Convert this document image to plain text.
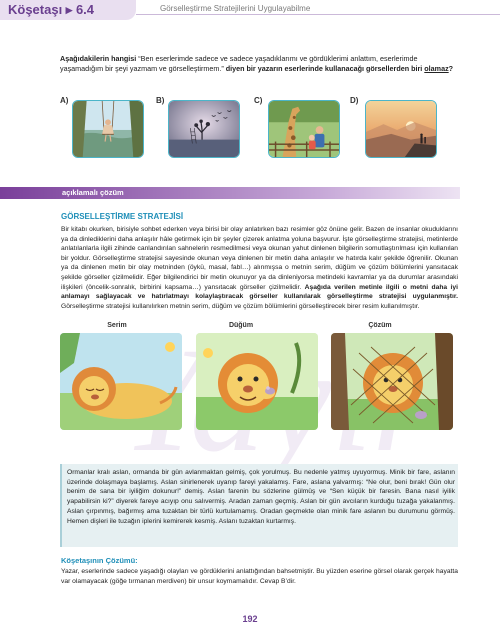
Köşetaşı ▸ 6.4	Görselleştirme Stratejilerini Uygulayabilme
Aşağıdakilerin hangisi “Ben eserlerimde sadece ve sadece yaşadıklarımı ve gördüklerimi anlattım, eserlerimde yaşamadığım bir şeyi yazmam ve görselleştirmem.” diyen bir yazarın eserlerinde kullanacağı görsellerden biri olamaz?
A)	B)	C)	D)
açıklamalı çözüm
GÖRSELLEŞTİRME STRATEJİSİ
Bir kitabı okurken, birisiyle sohbet ederken veya birisi bir olay anlatırken bazı resimler göz önüne gelir. Bazen de insanlar okuduklarını ya da dinlediklerini daha anlaşılır hâle getirmek için bir şeyler çizerek anlatma yoluna başvurur. İşte görselleştirme stratejisi, metinlerde anlatılanlarla ilgili zihinde canlandırılan sahnelerin resmedilmesi veya okunan yahut dinlenen bilgilerin somutlaştırılması için kullanılan bir yoldur. Görselleştirme stratejisi sayesinde okunan veya dinlenen bir metin daha anlaşılır ve hatırda kalır şekilde öğrenilir. Okunan ya da dinlenen metin bir olay metninden (öykü, masal, fabl…) alınmışsa o metnin serim, düğüm ve çözüm bölümlerini yansıtacak şekilde görseller çizilmelidir. Eğer bilgilendirici bir metin okunuyor ya da dinleniyorsa metindeki kavramlar ya da durumlar arasındaki ilişkileri (öncelik-sonralık, birbirini kapsama…) yansıtacak görseller çizilmelidir. Aşağıda verilen metinle ilgili o metni daha iyi anlamayı sağlayacak ve hatırlatmayı kolaylaştıracak görseller kullanılarak görselleştirme stratejisi uygulanmıştır. Görselleştirme stratejisi kullanılırken metnin serim, düğüm ve çözüm bölümlerini görselleştirecek birer resim kullanılmıştır.
Serim	Düğüm	Çözüm
Ormanlar kralı aslan, ormanda bir gün avlanmaktan gelmiş, çok yorulmuş. Bu nedenle yatmış uyuyormuş. Minik bir fare, aslanın üzerinde dolaşmaya başlamış. Aslan sinirlenerek uyanıp fareyi yakalamış. Fare, aslana yalvarmış: “Ne olur, beni bırak! Gün olur benim de sana bir iyiliğim dokunur!” demiş. Aslan farenin bu sözlerine gülmüş ve “Sen küçük bir faresin. Bana nasıl iyilik yapabilirsin ki?” diyerek fareye acıyıp onu salıvermiş. Aradan zaman geçmiş. Aslan bir gün avcıların kurduğu tuzağa yakalanmış. Aslan çırpınmış, bağırmış ama tuzaktan bir türlü kurtulamamış. Oradan geçmekte olan minik fare aslanın bu durumunu görmüş. Hemen dişleri ile tuzağın iplerini kemirerek kesmiş. Aslanı tuzaktan kurtarmış.
Köşetaşının Çözümü:
Yazar, eserlerinde sadece yaşadığı olayları ve gördüklerini anlattığından bahsetmiştir. Bu yüzden eserine görsel olarak gerçek hayatta var olamayacak (göğe tırmanan merdiven) bir unsur koymamalıdır. Cevap B’dir.
192
